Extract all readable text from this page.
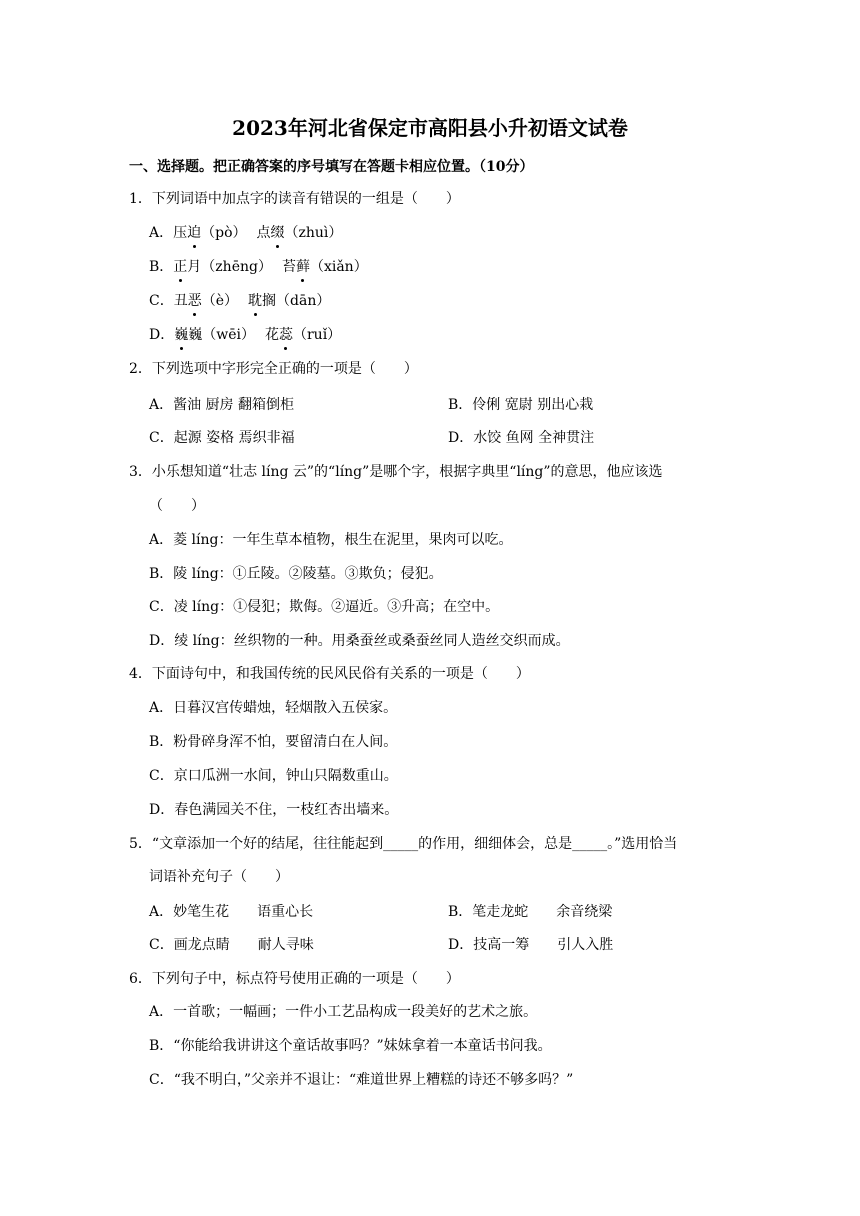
2023年河北省保定市高阳县小升初语文试卷
一、选择题。把正确答案的序号填写在答题卡相应位置。（10分）
1．下列词语中加点字的读音有错误的一组是（　　）
A．压迫（pò） 点缀（zhuì）
B．正月（zhēng） 苔藓（xiǎn）
C．丑恶（è） 耽搁（dān）
D．巍巍（wēi） 花蕊（ruǐ）
2．下列选项中字形完全正确的一项是（　　）
A．酱油 厨房 翻箱倒柜	B．伶俐 宽尉 别出心栽
C．起源 姿格 焉织非福	D．水饺 鱼网 全神贯注
3．小乐想知道“壮志 líng 云”的“líng”是哪个字，根据字典里“líng”的意思，他应该选
（　　）
A．菱 líng：一年生草本植物，根生在泥里，果肉可以吃。
B．陵 líng：①丘陵。②陵墓。③欺负；侵犯。
C．凌 líng：①侵犯；欺侮。②逼近。③升高；在空中。
D．绫 líng：丝织物的一种。用桑蚕丝或桑蚕丝同人造丝交织而成。
4．下面诗句中，和我国传统的民风民俗有关系的一项是（　　）
A．日暮汉宫传蜡烛，轻烟散入五侯家。
B．粉骨碎身浑不怕，要留清白在人间。
C．京口瓜洲一水间，钟山只隔数重山。
D．春色满园关不住，一枝红杏出墙来。
5．“文章添加一个好的结尾，往往能起到_____的作用，细细体会，总是_____。”选用恰当
词语补充句子（　　）
A．妙笔生花 语重心长	B．笔走龙蛇 余音绕梁
C．画龙点睛 耐人寻味	D．技高一筹 引人入胜
6．下列句子中，标点符号使用正确的一项是（　　）
A．一首歌；一幅画；一件小工艺品构成一段美好的艺术之旅。
B．“你能给我讲讲这个童话故事吗？”妹妹拿着一本童话书问我。
C．“我不明白，”父亲并不退让：“难道世界上糟糕的诗还不够多吗？”
